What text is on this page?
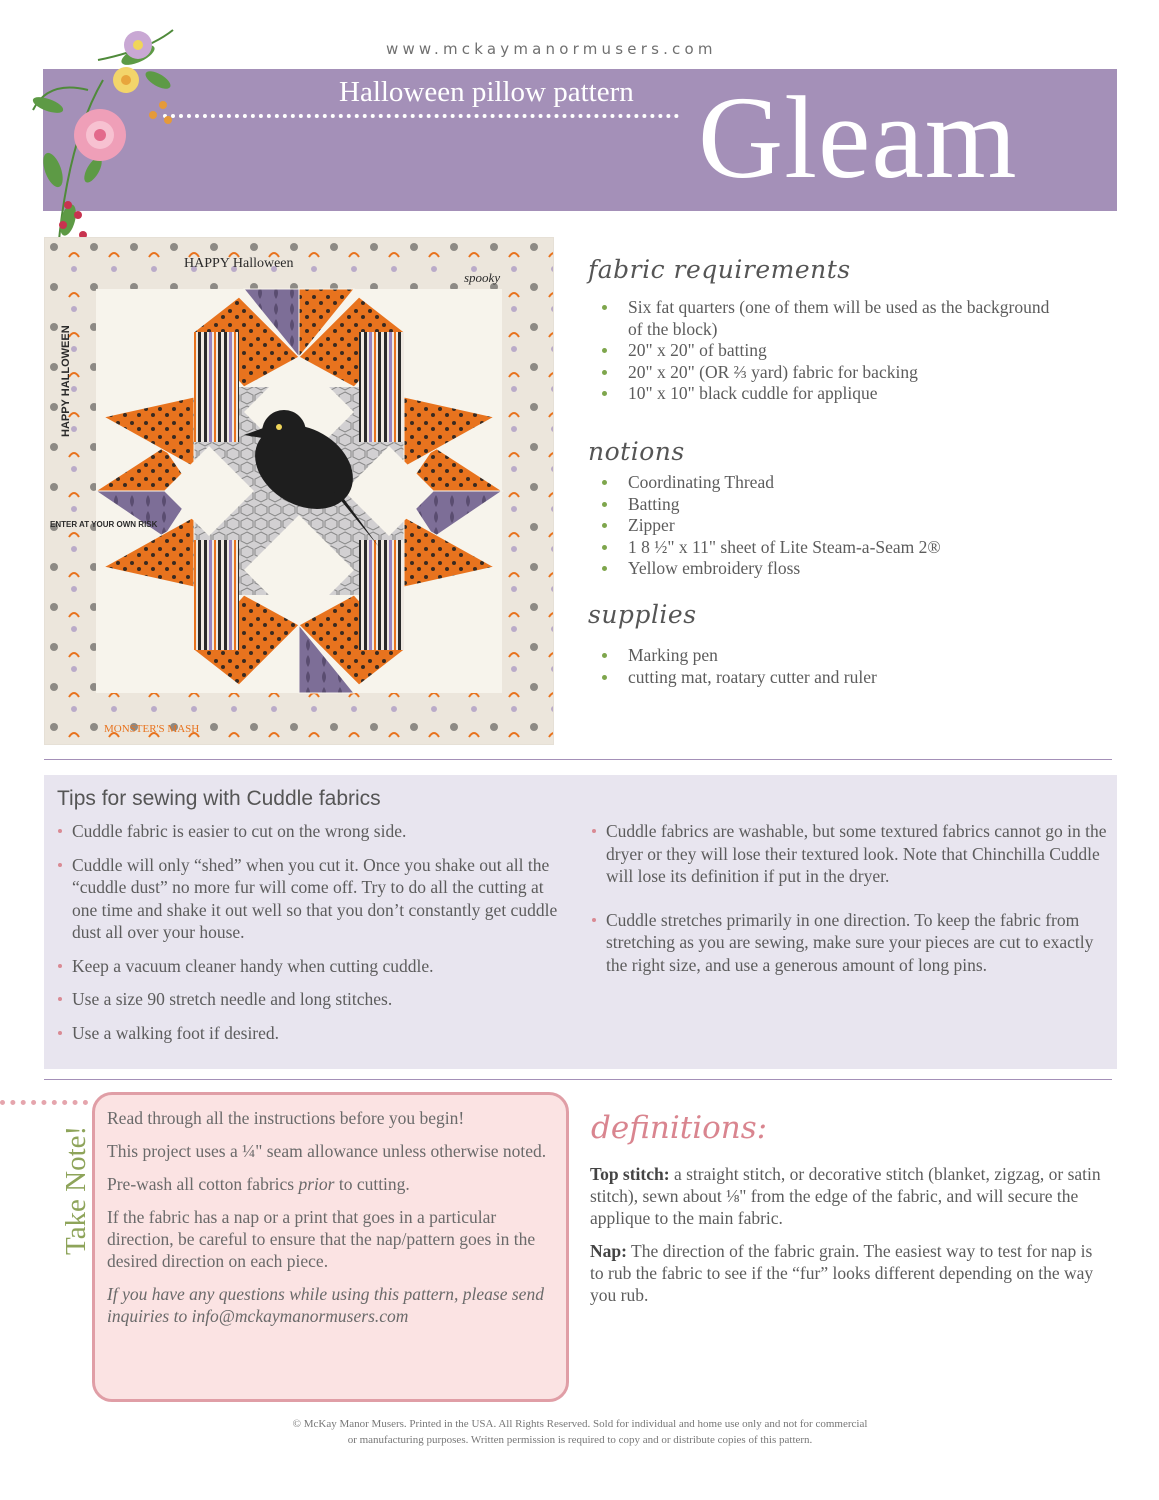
www.mckaymanormusers.com
Halloween pillow pattern Gleam
HAPPY Halloween
spooky
HAPPY HALLOWEEN
ENTER AT YOUR OWN RISK
MONSTER'S MASH
fabric requirements
Six fat quarters (one of them will be used as the background of the block)
20" x 20" of batting
20" x 20" (OR ⅔ yard) fabric for backing
10" x 10" black cuddle for applique
notions
Coordinating Thread
Batting
Zipper
1 8 ½" x 11" sheet of Lite Steam-a-Seam 2®
Yellow embroidery floss
supplies
Marking pen
cutting mat, roatary cutter and ruler
Tips for sewing with Cuddle fabrics
Cuddle fabric is easier to cut on the wrong side.
Cuddle will only “shed” when you cut it. Once you shake out all the “cuddle dust” no more fur will come off. Try to do all the cutting at one time and shake it out well so that you don’t constantly get cuddle dust all over your house.
Keep a vacuum cleaner handy when cutting cuddle.
Use a size 90 stretch needle and long stitches.
Use a walking foot if desired.
Cuddle fabrics are washable, but some textured fabrics cannot go in the dryer or they will lose their textured look. Note that Chinchilla Cuddle will lose its definition if put in the dryer.
Cuddle stretches primarily in one direction. To keep the fabric from stretching as you are sewing, make sure your pieces are cut to exactly the right size, and use a generous amount of long pins.
Take Note!

Read through all the instructions before you begin!

This project uses a ¼" seam allowance unless otherwise noted.

Pre-wash all cotton fabrics prior to cutting.

If the fabric has a nap or a print that goes in a particular direction, be careful to ensure that the nap/pattern goes in the desired direction on each piece.

If you have any questions while using this pattern, please send inquiries to info@mckaymanormusers.com

definitions:
Top stitch: a straight stitch, or decorative stitch (blanket, zigzag, or satin stitch), sewn about ⅛" from the edge of the fabric, and will secure the applique to the main fabric.
Nap: The direction of the fabric grain. The easiest way to test for nap is to rub the fabric to see if the “fur” looks different depending on the way you rub.
© McKay Manor Musers. Printed in the USA. All Rights Reserved. Sold for individual and home use only and not for commercial
or manufacturing purposes. Written permission is required to copy and or distribute copies of this pattern.
